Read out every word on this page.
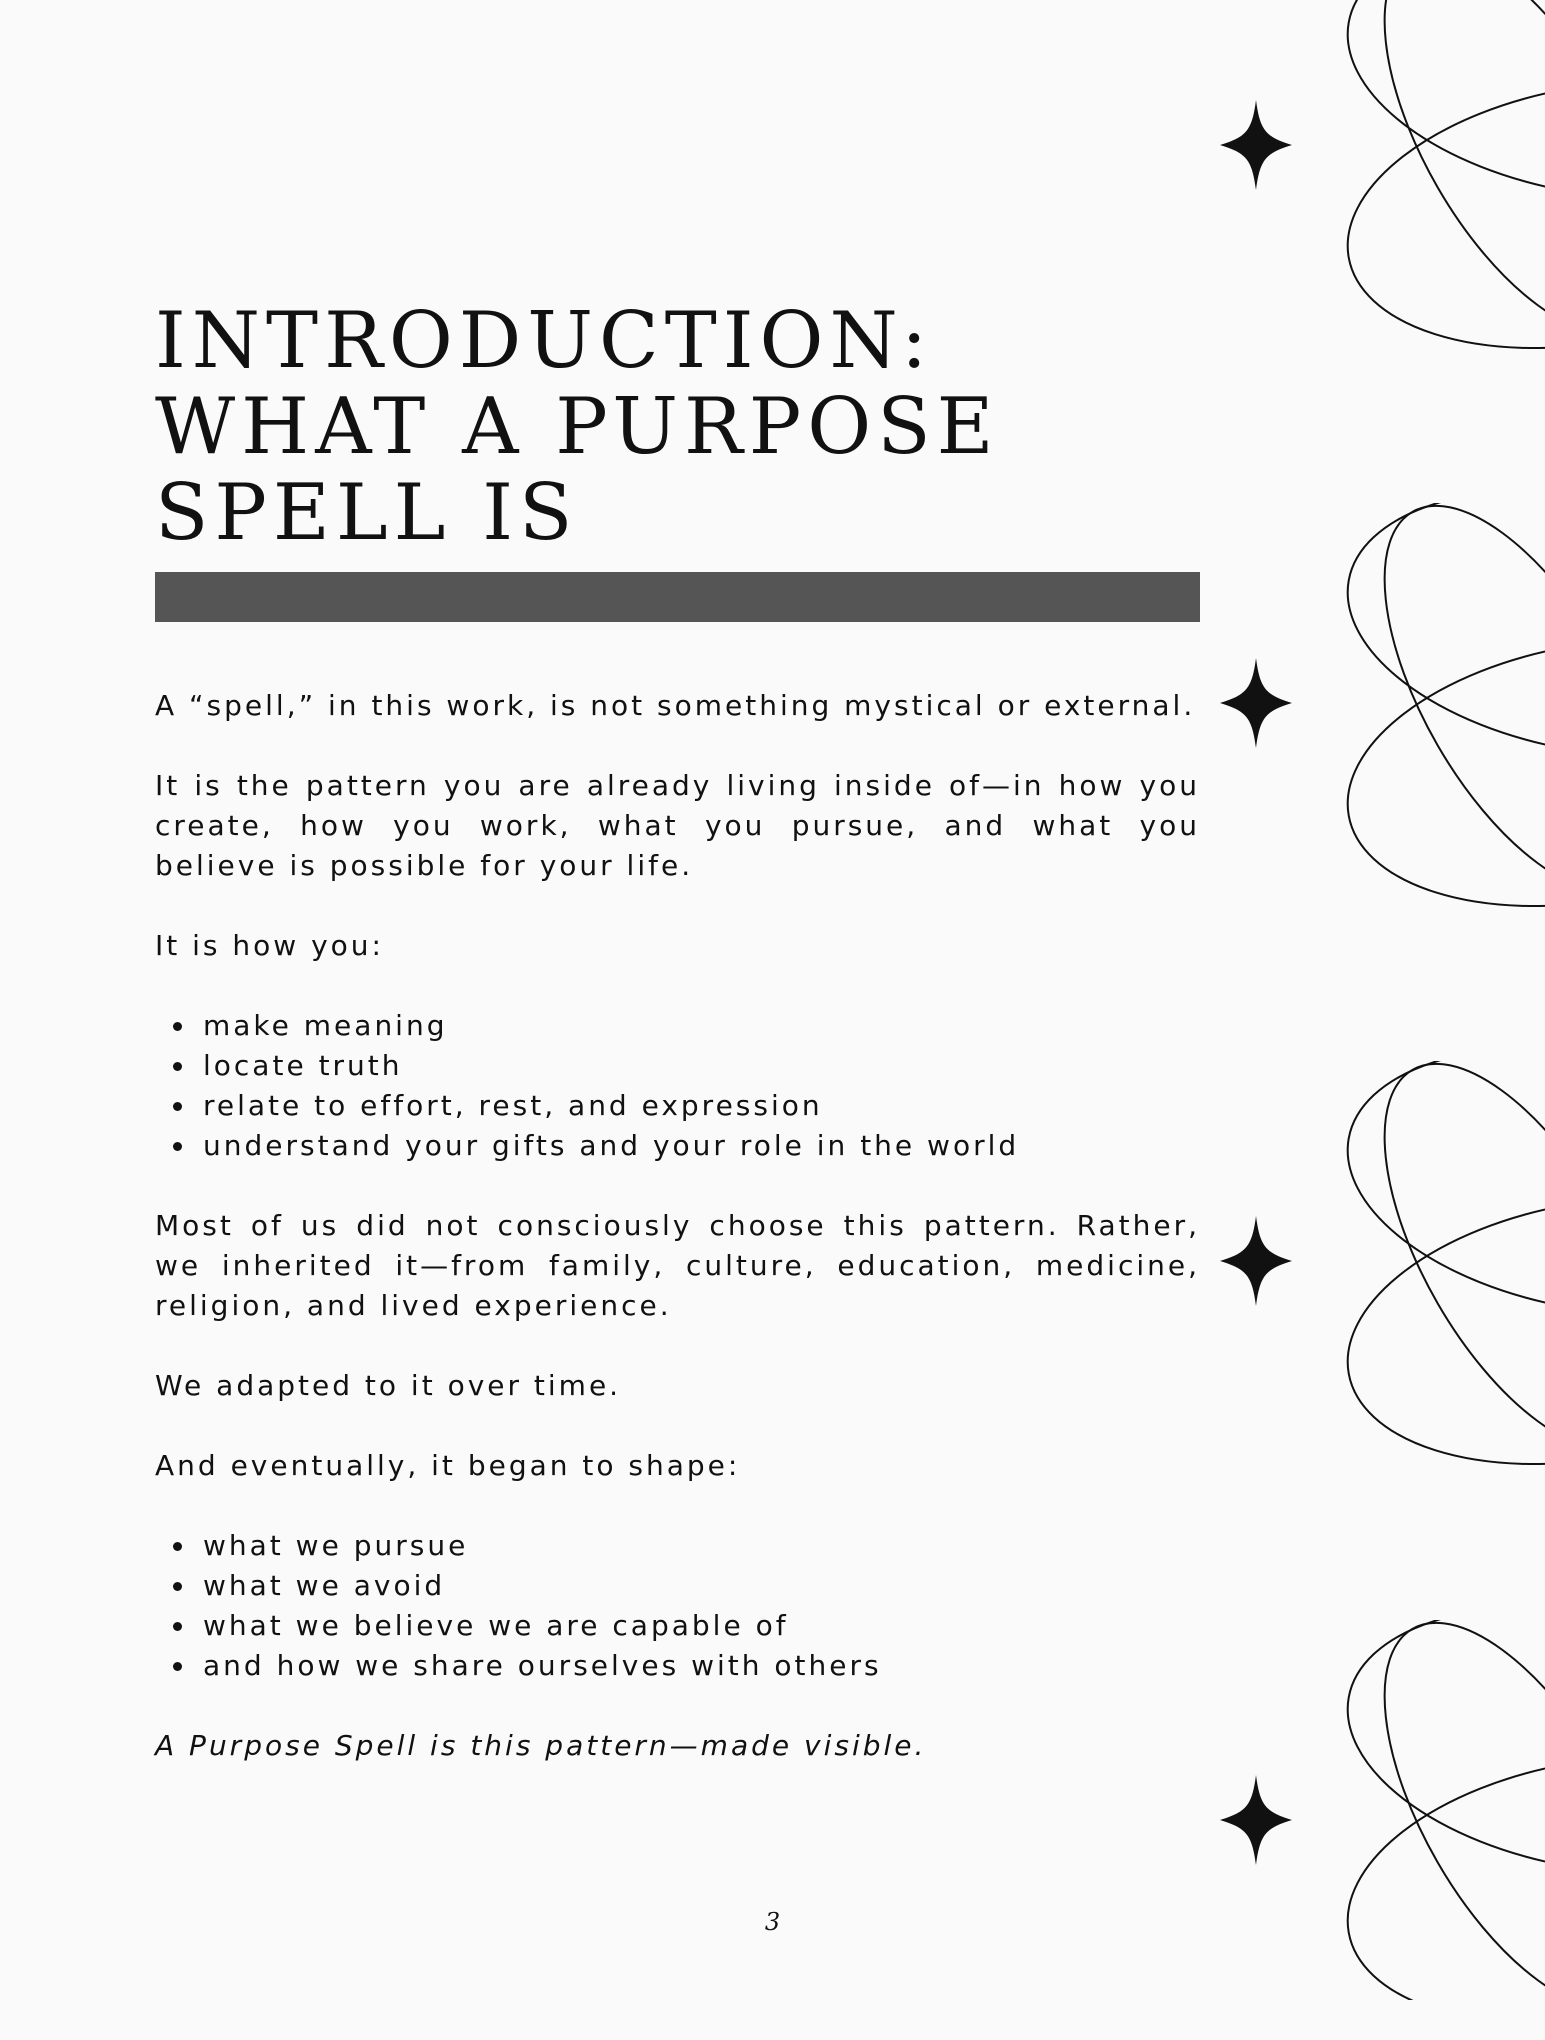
INTRODUCTION:
WHAT A PURPOSE
SPELL IS

A “spell,” in this work, is not something mystical or external.

It is the pattern you are already living inside of—in how you create, how you work, what you pursue, and what you believe is possible for your life.

It is how you:

make meaning
locate truth
relate to effort, rest, and expression
understand your gifts and your role in the world

Most of us did not consciously choose this pattern. Rather, we inherited it—from family, culture, education, medicine, religion, and lived experience.

We adapted to it over time.

And eventually, it began to shape:

what we pursue
what we avoid
what we believe we are capable of
and how we share ourselves with others

A Purpose Spell is this pattern—made visible.

3
